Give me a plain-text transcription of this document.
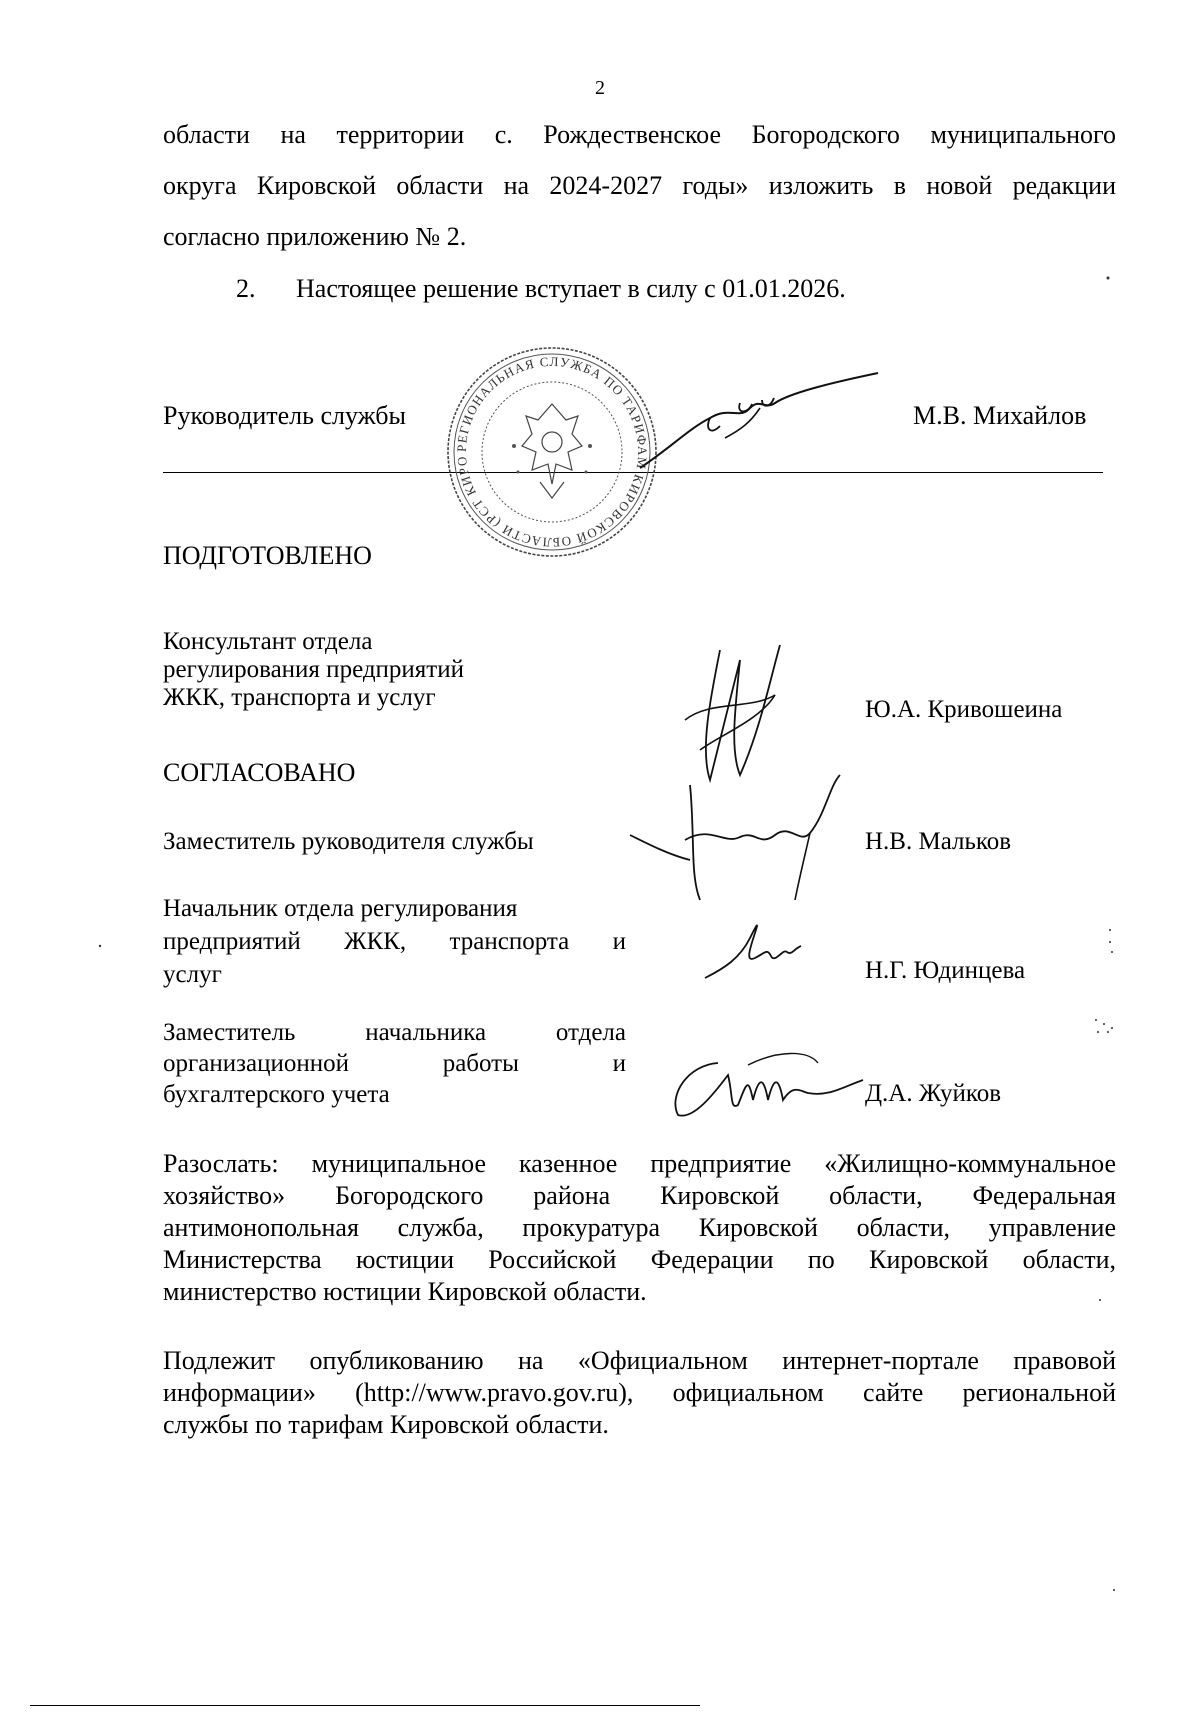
2
области на территории с. Рождественское Богородского муниципального
округа Кировской области на 2024-2027 годы» изложить в новой редакции
согласно приложению № 2.
2. Настоящее решение вступает в силу с 01.01.2026.
Руководитель службы	М.В. Михайлов
РЕГИОНАЛЬНАЯ СЛУЖБА ПО ТАРИФАМ КИРОВСКОЙ ОБЛАСТИ (РСТ КИРОВСКОЙ ОБЛАСТИ)
ПОДГОТОВЛЕНО
Консультант отдела
регулирования предприятий
ЖКК, транспорта и услуг	Ю.А. Кривошеина
СОГЛАСОВАНО
Заместитель руководителя службы	Н.В. Мальков
Начальник отдела регулирования
предприятий ЖКК, транспорта и
услуг	Н.Г. Юдинцева
Заместитель начальника отдела
организационной работы и
бухгалтерского учета	Д.А. Жуйков
Разослать: муниципальное казенное предприятие «Жилищно-коммунальное
хозяйство» Богородского района Кировской области, Федеральная
антимонопольная служба, прокуратура Кировской области, управление
Министерства юстиции Российской Федерации по Кировской области,
министерство юстиции Кировской области.
Подлежит опубликованию на «Официальном интернет-портале правовой
информации» (http://www.pravo.gov.ru), официальном сайте региональной
службы по тарифам Кировской области.
